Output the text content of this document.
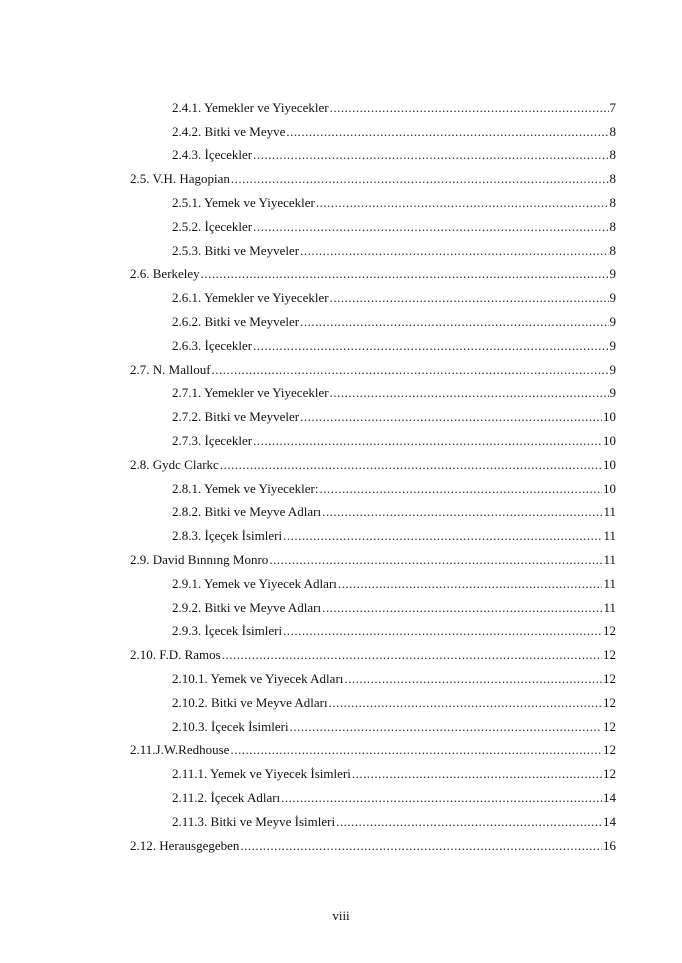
2.4.1. Yemekler ve Yiyecekler .....	7
2.4.2. Bitki ve Meyve .....	8
2.4.3. İçecekler .....	8
2.5. V.H. Hagopian .....	8
2.5.1. Yemek ve Yiyecekler .....	8
2.5.2. İçecekler .....	8
2.5.3. Bitki ve Meyveler .....	8
2.6. Berkeley .....	9
2.6.1. Yemekler ve Yiyecekler .....	9
2.6.2. Bitki ve Meyveler .....	9
2.6.3. İçecekler .....	9
2.7. N. Mallouf .....	9
2.7.1. Yemekler ve Yiyecekler .....	9
2.7.2. Bitki ve Meyveler .....	10
2.7.3. İçecekler .....	10
2.8. Gydc Clarkc .....	10
2.8.1. Yemek ve Yiyecekler: .....	10
2.8.2. Bitki ve Meyve Adları .....	11
2.8.3. İçeçek İsimleri .....	11
2.9. David Bınnıng Monro .....	11
2.9.1. Yemek ve Yiyecek Adları .....	11
2.9.2. Bitki ve Meyve Adları .....	11
2.9.3. İçecek İsimleri .....	12
2.10. F.D. Ramos .....	12
2.10.1. Yemek ve Yiyecek Adları .....	12
2.10.2. Bitki ve Meyve Adları .....	12
2.10.3. İçecek İsimleri .....	12
2.11.J.W.Redhouse .....	12
2.11.1. Yemek ve Yiyecek İsimleri .....	12
2.11.2. İçecek Adları .....	14
2.11.3. Bitki ve Meyve İsimleri .....	14
2.12. Herausgegeben .....	16
viii
